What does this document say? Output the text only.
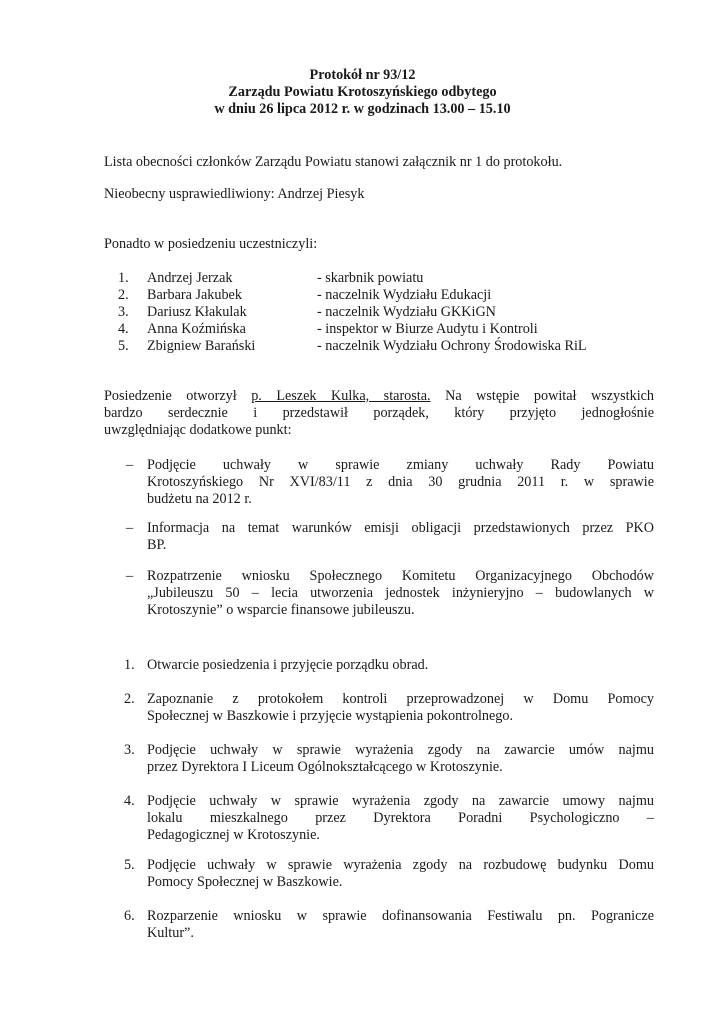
Protokół nr 93/12
Zarządu Powiatu Krotoszyńskiego odbytego
w dniu 26 lipca 2012 r. w godzinach 13.00 – 15.10
Lista obecności członków Zarządu Powiatu stanowi załącznik nr 1 do protokołu.
Nieobecny usprawiedliwiony: Andrzej Piesyk
Ponadto w posiedzeniu uczestniczyli:
1. Andrzej Jerzak	- skarbnik powiatu
2. Barbara Jakubek	- naczelnik Wydziału Edukacji
3. Dariusz Kłakulak	- naczelnik Wydziału GKKiGN
4. Anna Koźmińska	- inspektor w Biurze Audytu i Kontroli
5. Zbigniew Barański	- naczelnik Wydziału Ochrony Środowiska RiL
Posiedzenie otworzył p. Leszek Kulka, starosta. Na wstępie powitał wszystkich
bardzo serdecznie i przedstawił porządek, który przyjęto jednogłośnie
uwzględniając dodatkowe punkt:
– Podjęcie uchwały w sprawie zmiany uchwały Rady Powiatu
Krotoszyńskiego Nr XVI/83/11 z dnia 30 grudnia 2011 r. w sprawie
budżetu na 2012 r.
– Informacja na temat warunków emisji obligacji przedstawionych przez PKO
BP.
– Rozpatrzenie wniosku Społecznego Komitetu Organizacyjnego Obchodów
„Jubileuszu 50 – lecia utworzenia jednostek inżynieryjno – budowlanych w
Krotoszynie” o wsparcie finansowe jubileuszu.
1. Otwarcie posiedzenia i przyjęcie porządku obrad.
2. Zapoznanie z protokołem kontroli przeprowadzonej w Domu Pomocy
Społecznej w Baszkowie i przyjęcie wystąpienia pokontrolnego.
3. Podjęcie uchwały w sprawie wyrażenia zgody na zawarcie umów najmu
przez Dyrektora I Liceum Ogólnokształcącego w Krotoszynie.
4. Podjęcie uchwały w sprawie wyrażenia zgody na zawarcie umowy najmu
lokalu mieszkalnego przez Dyrektora Poradni Psychologiczno –
Pedagogicznej w Krotoszynie.
5. Podjęcie uchwały w sprawie wyrażenia zgody na rozbudowę budynku Domu
Pomocy Społecznej w Baszkowie.
6. Rozparzenie wniosku w sprawie dofinansowania Festiwalu pn. Pogranicze
Kultur”.
